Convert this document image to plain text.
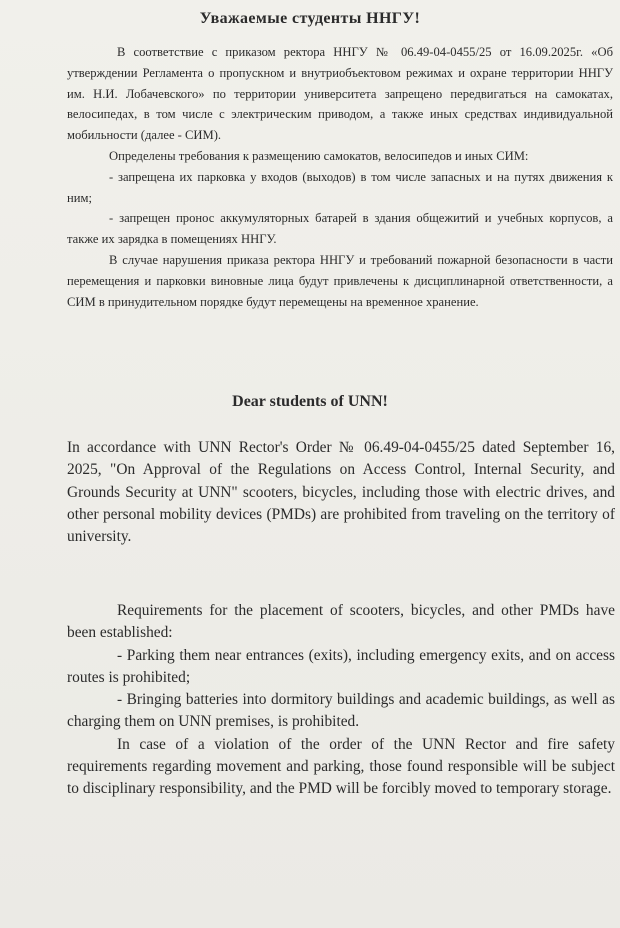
Уважаемые студенты ННГУ!

В соответствие с приказом ректора ННГУ № 06.49-04-0455/25 от 16.09.2025г. «Об утверждении Регламента о пропускном и внутриобъектовом режимах и охране территории ННГУ им. Н.И. Лобачевского» по территории университета запрещено передвигаться на самокатах, велосипедах, в том числе с электрическим приводом, а также иных средствах индивидуальной мобильности (далее - СИМ).

Определены требования к размещению самокатов, велосипедов и иных СИМ:

- запрещена их парковка у входов (выходов) в том числе запасных и на путях движения к ним;

- запрещен пронос аккумуляторных батарей в здания общежитий и учебных корпусов, а также их зарядка в помещениях ННГУ.

В случае нарушения приказа ректора ННГУ и требований пожарной безопасности в части перемещения и парковки виновные лица будут привлечены к дисциплинарной ответственности, а СИМ в принудительном порядке будут перемещены на временное хранение.

Dear students of UNN!

In accordance with UNN Rector's Order № 06.49-04-0455/25 dated September 16, 2025, "On Approval of the Regulations on Access Control, Internal Security, and Grounds Security at UNN" scooters, bicycles, including those with electric drives, and other personal mobility devices (PMDs) are prohibited from traveling on the territory of university.

Requirements for the placement of scooters, bicycles, and other PMDs have been established:

- Parking them near entrances (exits), including emergency exits, and on access routes is prohibited;

- Bringing batteries into dormitory buildings and academic buildings, as well as charging them on UNN premises, is prohibited.

In case of a violation of the order of the UNN Rector and fire safety requirements regarding movement and parking, those found responsible will be subject to disciplinary responsibility, and the PMD will be forcibly moved to temporary storage.
